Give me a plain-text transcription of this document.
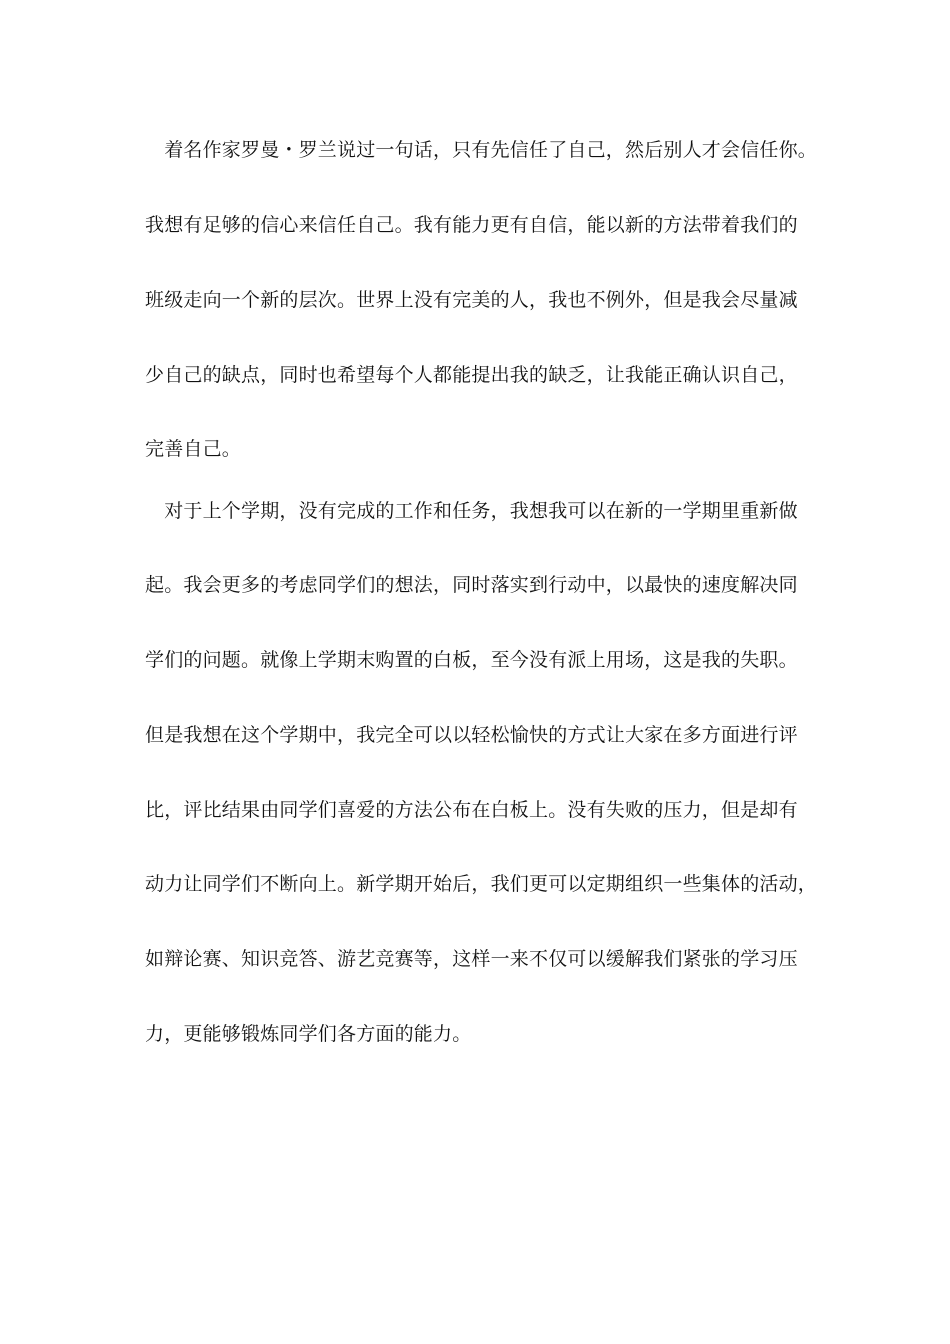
　着名作家罗曼・罗兰说过一句话，只有先信任了自己，然后别人才会信任你。
我想有足够的信心来信任自己。我有能力更有自信，能以新的方法带着我们的
班级走向一个新的层次。世界上没有完美的人，我也不例外，但是我会尽量减
少自己的缺点，同时也希望每个人都能提出我的缺乏，让我能正确认识自己，
完善自己。
　对于上个学期，没有完成的工作和任务，我想我可以在新的一学期里重新做
起。我会更多的考虑同学们的想法，同时落实到行动中，以最快的速度解决同
学们的问题。就像上学期末购置的白板，至今没有派上用场，这是我的失职。
但是我想在这个学期中，我完全可以以轻松愉快的方式让大家在多方面进行评
比，评比结果由同学们喜爱的方法公布在白板上。没有失败的压力，但是却有
动力让同学们不断向上。新学期开始后，我们更可以定期组织一些集体的活动，
如辩论赛、知识竞答、游艺竞赛等，这样一来不仅可以缓解我们紧张的学习压
力，更能够锻炼同学们各方面的能力。
